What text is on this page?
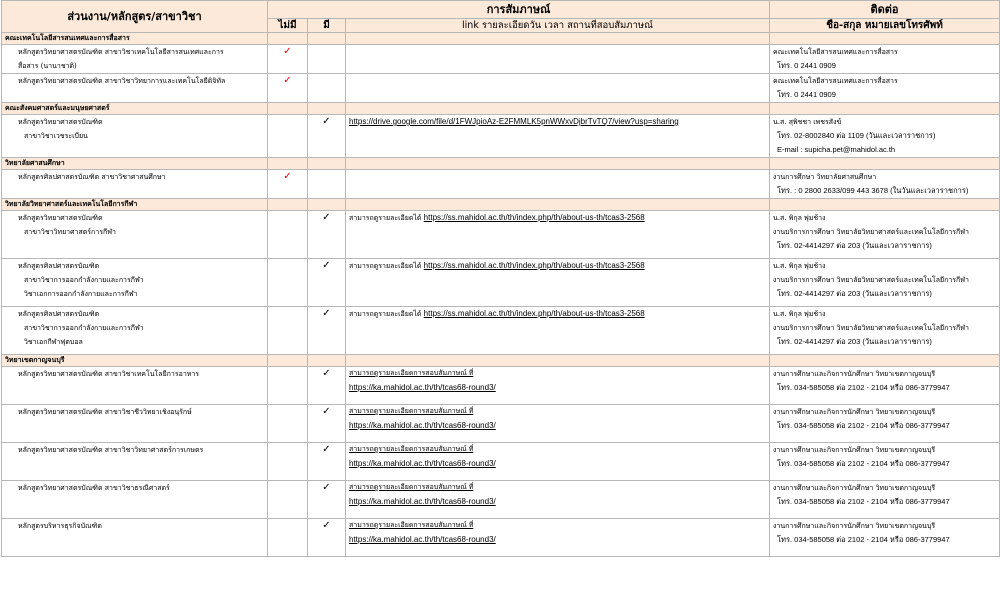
ส่วนงาน/หลักสูตร/สาขาวิชา	การสัมภาษณ์			ติดต่อ
	ไม่มี	มี	link รายละเอียดวัน เวลา สถานที่สอบสัมภาษณ์	ชื่อ-สกุล หมายเลขโทรศัพท์
คณะเทคโนโลยีสารสนเทศและการสื่อสาร				

หลักสูตรวิทยาศาสตรบัณฑิต สาขาวิชาเทคโนโลยีสารสนเทศและการ
สื่อสาร (นานาชาติ)	✓			คณะเทคโนโลยีสารสนเทศและการสื่อสาร
โทร. 0 2441 0909

หลักสูตรวิทยาศาสตรบัณฑิต สาขาวิชาวิทยาการและเทคโนโลยีดิจิทัล	✓			คณะเทคโนโลยีสารสนเทศและการสื่อสาร
โทร. 0 2441 0909

คณะสังคมศาสตร์และมนุษยศาสตร์				

หลักสูตรวิทยาศาสตรบัณฑิต
สาขาวิชาเวชระเบียน		✓	https://drive.google.com/file/d/1FWJpioAz-E2FMMLK5pnWWxvDjbrTvTQ7/view?usp=sharing	น.ส. สุพิชชา เพชรสังข์
โทร. 02-8002840 ต่อ 1109 (วันและเวลาราชการ)
E-mail : supicha.pet@mahidol.ac.th

วิทยาลัยศาสนศึกษา				

หลักสูตรศิลปศาสตรบัณฑิต สาขาวิชาศาสนศึกษา	✓			งานการศึกษา วิทยาลัยศาสนศึกษา
โทร. : 0 2800 2633/099 443 3678 (ในวันและเวลาราชการ)

วิทยาลัยวิทยาศาสตร์และเทคโนโลยีการกีฬา				

หลักสูตรวิทยาศาสตรบัณฑิต
สาขาวิชาวิทยาศาสตร์การกีฬา		✓	สามารถดูรายละเอียดได้ https://ss.mahidol.ac.th/th/index.php/th/about-us-th/tcas3-2568	น.ส. พิกุล พุ่มช้าง
งานบริการการศึกษา วิทยาลัยวิทยาศาสตร์และเทคโนโลยีการกีฬา
โทร. 02-4414297 ต่อ 203 (วันและเวลาราชการ)

หลักสูตรศิลปศาสตรบัณฑิต
สาขาวิชาการออกกำลังกายและการกีฬา
วิชาเอกการออกกำลังกายและการกีฬา		✓	สามารถดูรายละเอียดได้ https://ss.mahidol.ac.th/th/index.php/th/about-us-th/tcas3-2568	น.ส. พิกุล พุ่มช้าง
งานบริการการศึกษา วิทยาลัยวิทยาศาสตร์และเทคโนโลยีการกีฬา
โทร. 02-4414297 ต่อ 203 (วันและเวลาราชการ)

หลักสูตรศิลปศาสตรบัณฑิต
สาขาวิชาการออกกำลังกายและการกีฬา
วิชาเอกกีฬาฟุตบอล		✓	สามารถดูรายละเอียดได้ https://ss.mahidol.ac.th/th/index.php/th/about-us-th/tcas3-2568	น.ส. พิกุล พุ่มช้าง
งานบริการการศึกษา วิทยาลัยวิทยาศาสตร์และเทคโนโลยีการกีฬา
โทร. 02-4414297 ต่อ 203 (วันและเวลาราชการ)

วิทยาเขตกาญจนบุรี				

หลักสูตรวิทยาศาสตรบัณฑิต สาขาวิชาเทคโนโลยีการอาหาร		✓	สามารถดูรายละเอียดการสอบสัมภาษณ์ ที่
https://ka.mahidol.ac.th/th/tcas68-round3/	งานการศึกษาและกิจการนักศึกษา วิทยาเขตกาญจนบุรี
โทร. 034-585058 ต่อ 2102 - 2104 หรือ 086-3779947

หลักสูตรวิทยาศาสตรบัณฑิต สาขาวิชาชีววิทยาเชิงอนุรักษ์		✓	สามารถดูรายละเอียดการสอบสัมภาษณ์ ที่
https://ka.mahidol.ac.th/th/tcas68-round3/	งานการศึกษาและกิจการนักศึกษา วิทยาเขตกาญจนบุรี
โทร. 034-585058 ต่อ 2102 - 2104 หรือ 086-3779947

หลักสูตรวิทยาศาสตรบัณฑิต สาขาวิชาวิทยาศาสตร์การเกษตร		✓	สามารถดูรายละเอียดการสอบสัมภาษณ์ ที่
https://ka.mahidol.ac.th/th/tcas68-round3/	งานการศึกษาและกิจการนักศึกษา วิทยาเขตกาญจนบุรี
โทร. 034-585058 ต่อ 2102 - 2104 หรือ 086-3779947

หลักสูตรวิทยาศาสตรบัณฑิต สาขาวิชาธรณีศาสตร์		✓	สามารถดูรายละเอียดการสอบสัมภาษณ์ ที่
https://ka.mahidol.ac.th/th/tcas68-round3/	งานการศึกษาและกิจการนักศึกษา วิทยาเขตกาญจนบุรี
โทร. 034-585058 ต่อ 2102 - 2104 หรือ 086-3779947

หลักสูตรบริหารธุรกิจบัณฑิต		✓	สามารถดูรายละเอียดการสอบสัมภาษณ์ ที่
https://ka.mahidol.ac.th/th/tcas68-round3/	งานการศึกษาและกิจการนักศึกษา วิทยาเขตกาญจนบุรี
โทร. 034-585058 ต่อ 2102 - 2104 หรือ 086-3779947
